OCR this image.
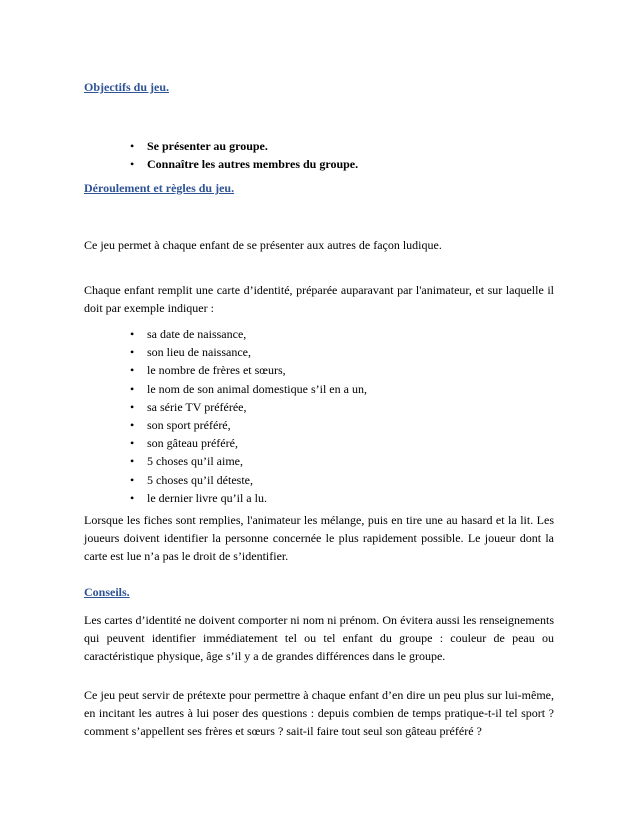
Objectifs du jeu.
• Se présenter au groupe.
• Connaître les autres membres du groupe.
Déroulement et règles du jeu.

Ce jeu permet à chaque enfant de se présenter aux autres de façon ludique.

Chaque enfant remplit une carte d’identité, préparée auparavant par l'animateur, et sur laquelle il doit par exemple indiquer :

• sa date de naissance,
• son lieu de naissance,
• le nombre de frères et sœurs,
• le nom de son animal domestique s’il en a un,
• sa série TV préférée,
• son sport préféré,
• son gâteau préféré,
• 5 choses qu’il aime,
• 5 choses qu’il déteste,
• le dernier livre qu’il a lu.

Lorsque les fiches sont remplies, l'animateur les mélange, puis en tire une au hasard et la lit. Les joueurs doivent identifier la personne concernée le plus rapidement possible. Le joueur dont la carte est lue n’a pas le droit de s’identifier.

Conseils.

Les cartes d’identité ne doivent comporter ni nom ni prénom. On évitera aussi les renseignements qui peuvent identifier immédiatement tel ou tel enfant du groupe : couleur de peau ou caractéristique physique, âge s’il y a de grandes différences dans le groupe.

Ce jeu peut servir de prétexte pour permettre à chaque enfant d’en dire un peu plus sur lui-même, en incitant les autres à lui poser des questions : depuis combien de temps pratique-t-il tel sport ? comment s’appellent ses frères et sœurs ? sait-il faire tout seul son gâteau préféré ?
